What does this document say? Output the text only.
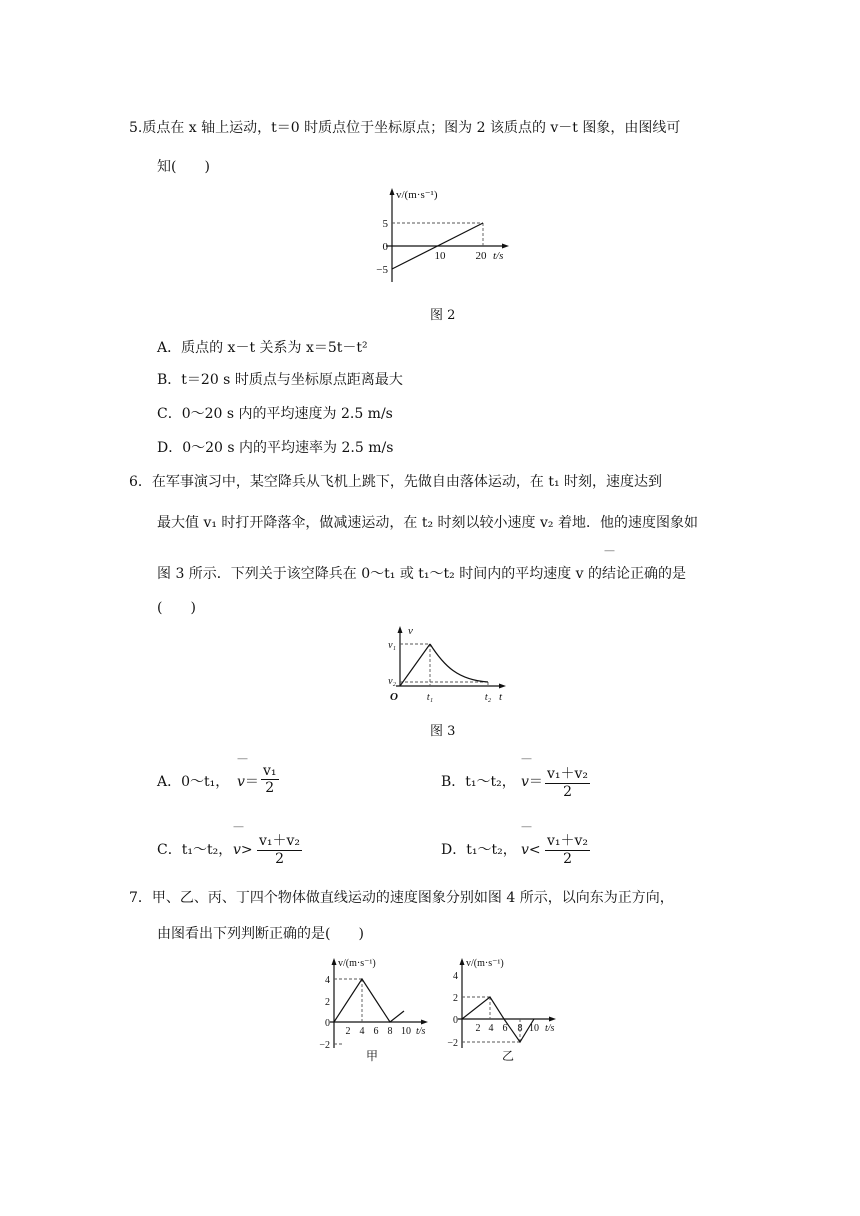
5.质点在 x 轴上运动，t＝0 时质点位于坐标原点；图为 2 该质点的 v－t 图象，由图线可
知(　　)
v/(m·s⁻¹)
5
0
−5
10	20 t/s
图 2
A．质点的 x－t 关系为 x＝5t－t²
B．t＝20 s 时质点与坐标原点距离最大
C．0～20 s 内的平均速度为 2.5 m/s
D．0～20 s 内的平均速率为 2.5 m/s
6．在军事演习中，某空降兵从飞机上跳下，先做自由落体运动，在 t₁ 时刻，速度达到
最大值 v₁ 时打开降落伞，做减速运动，在 t₂ 时刻以较小速度 v₂ 着地．他的速度图象如
—
图 3 所示．下列关于该空降兵在 0～t₁ 或 t₁～t₂ 时间内的平均速度 v 的结论正确的是
(　　)
v
v₁
v₂
O	t₁	t₂ t
图 3
A．0～t₁，
—
$v= \frac{\text{v₁}}{2}$	B．t₁～t₂，
—
$v= \frac{\text{v₁＋v₂}}{2}$
C．t₁～t₂，
—
$v> \frac{\text{v₁＋v₂}}{2}$	D．t₁～t₂，
—
$v< \frac{\text{v₁＋v₂}}{2}$
7．甲、乙、丙、丁四个物体做直线运动的速度图象分别如图 4 所示，以向东为正方向，
由图看出下列判断正确的是(　　)
v/(m·s⁻¹)
4
2
0
−2
2 4 6 8 10 t/s
甲
v/(m·s⁻¹)
4
2
0
−2
2 4 6 8 10 t/s
乙
